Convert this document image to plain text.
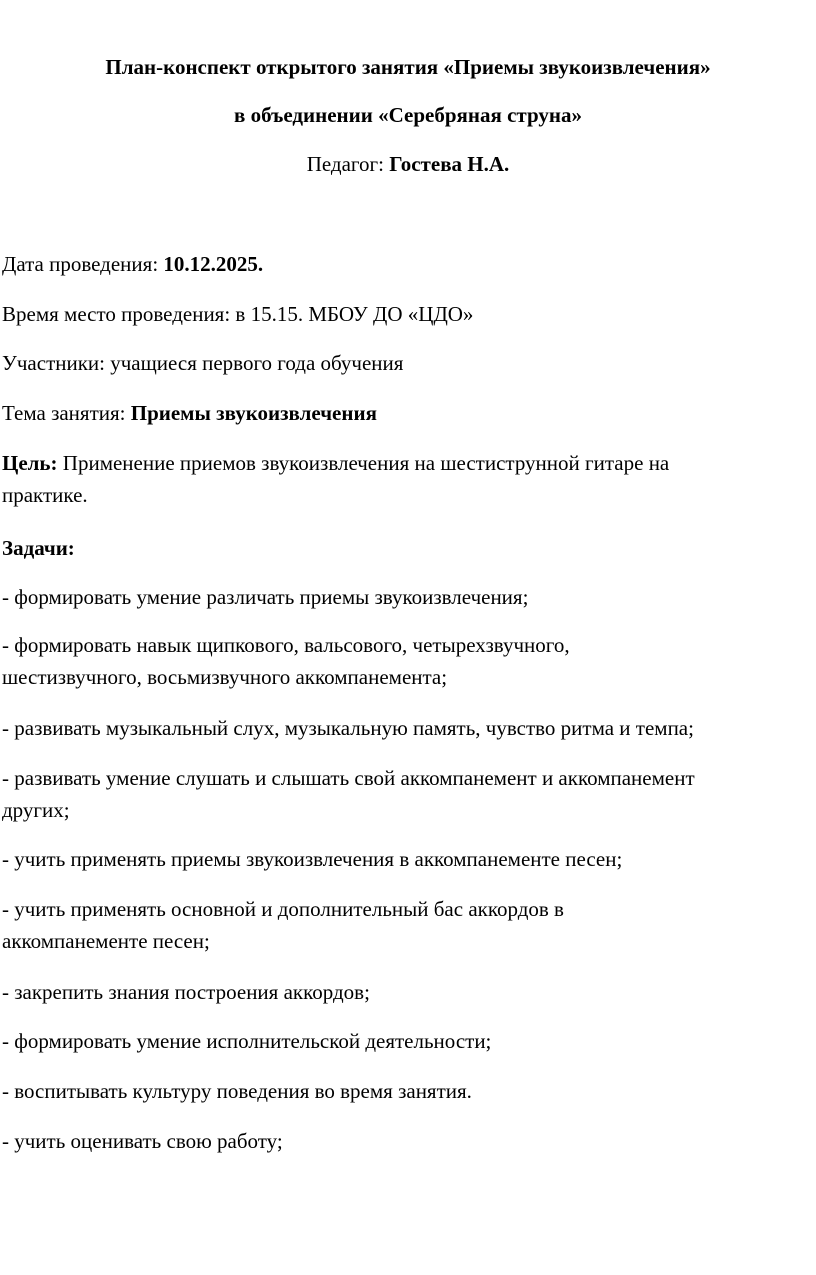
План-конспект открытого занятия «Приемы звукоизвлечения»
в объединении «Серебряная струна»
Педагог: Гостева Н.А.
Дата проведения: 10.12.2025.
Время место проведения: в 15.15. МБОУ ДО «ЦДО»
Участники: учащиеся первого года обучения
Тема занятия: Приемы звукоизвлечения
Цель: Применение приемов звукоизвлечения на шестиструнной гитаре на
практике.
Задачи:
- формировать умение различать приемы звукоизвлечения;
- формировать навык щипкового, вальсового, четырехзвучного,
шестизвучного, восьмизвучного аккомпанемента;
- развивать музыкальный слух, музыкальную память, чувство ритма и темпа;
- развивать умение слушать и слышать свой аккомпанемент и аккомпанемент
других;
- учить применять приемы звукоизвлечения в аккомпанементе песен;
- учить применять основной и дополнительный бас аккордов в
аккомпанементе песен;
- закрепить знания построения аккордов;
- формировать умение исполнительской деятельности;
- воспитывать культуру поведения во время занятия.
- учить оценивать свою работу;
